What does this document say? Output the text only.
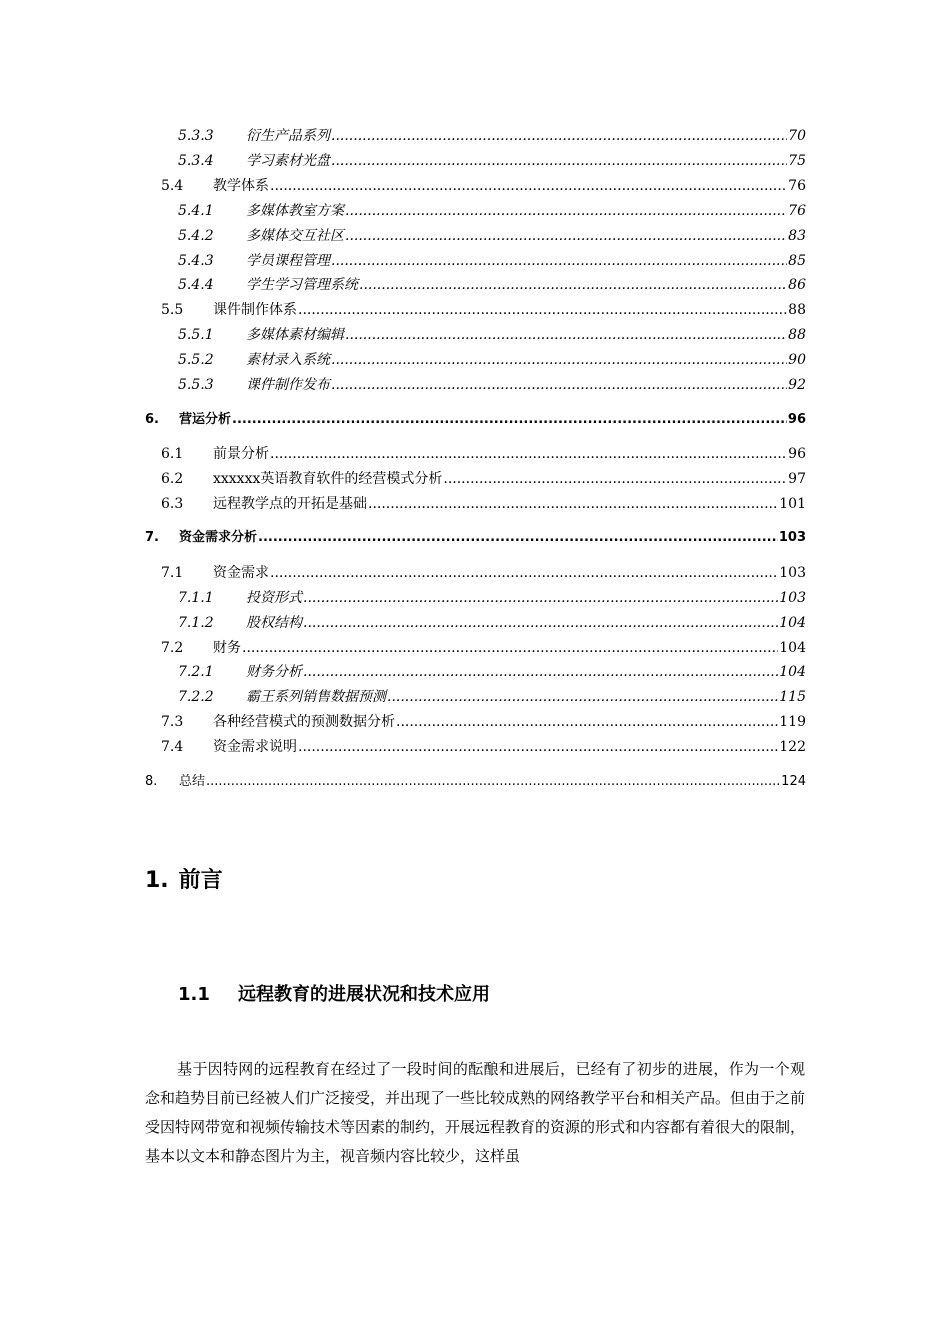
5.3.3	衍生产品系列 .....	70
5.3.4	学习素材光盘 .....	75
5.4	教学体系 .....	76
5.4.1	多媒体教室方案 .....	76
5.4.2	多媒体交互社区 .....	83
5.4.3	学员课程管理 .....	85
5.4.4	学生学习管理系统 .....	86
5.5	课件制作体系 .....	88
5.5.1	多媒体素材编辑 .....	88
5.5.2	素材录入系统 .....	90
5.5.3	课件制作发布 .....	92
6.	营运分析 .....	96
6.1	前景分析 .....	96
6.2	xxxxxx英语教育软件的经营模式分析 .....	97
6.3	远程教学点的开拓是基础 .....	101
7.	资金需求分析 .....	103
7.1	资金需求 .....	103
7.1.1	投资形式 .....	103
7.1.2	股权结构 .....	104
7.2	财务 .....	104
7.2.1	财务分析 .....	104
7.2.2	霸王系列销售数据预测 .....	115
7.3	各种经营模式的预测数据分析 .....	119
7.4	资金需求说明 .....	122
8.	总结 .....	124
1. 前言
1.1 远程教育的进展状况和技术应用

基于因特网的远程教育在经过了一段时间的酝酿和进展后，已经有了初步的进展，作为一个观念和趋势目前已经被人们广泛接受，并出现了一些比较成熟的网络教学平台和相关产品。但由于之前受因特网带宽和视频传输技术等因素的制约，开展远程教育的资源的形式和内容都有着很大的限制，基本以文本和静态图片为主，视音频内容比较少，这样虽
